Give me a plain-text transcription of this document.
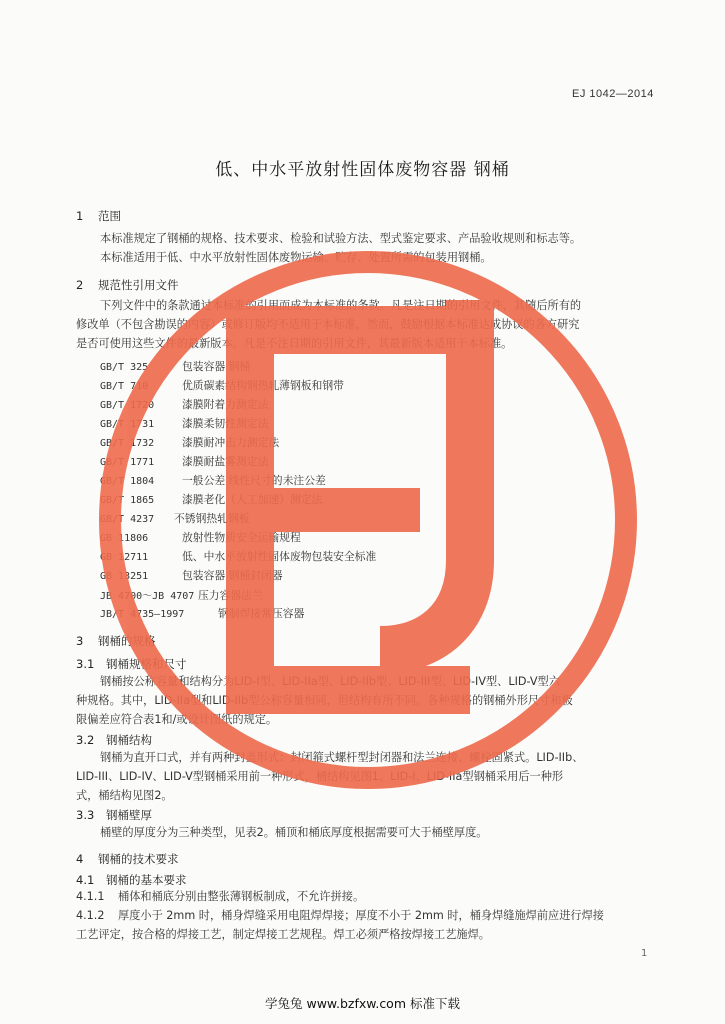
EJ 1042—2014
低、中水平放射性固体废物容器 钢桶
1 范围
本标准规定了钢桶的规格、技术要求、检验和试验方法、型式鉴定要求、产品验收规则和标志等。
本标准适用于低、中水平放射性固体废物运输、贮存、处置所需的包装用钢桶。
2 规范性引用文件
下列文件中的条款通过本标准的引用而成为本标准的条款。凡是注日期的引用文件，其随后所有的
修改单（不包含勘误的内容）或修订版均不适用于本标准，然而，鼓励根据本标准达成协议的各方研究
是否可使用这些文件的最新版本。凡是不注日期的引用文件，其最新版本适用于本标准。
GB/T 325	包装容器 钢桶
GB/T 710	优质碳素结构钢热轧薄钢板和钢带
GB/T 1720	漆膜附着力测定法
GB/T 1731	漆膜柔韧性测定法
GB/T 1732	漆膜耐冲击力测定法
GB/T 1771	漆膜耐盐雾测定法
GB/T 1804	一般公差 线性尺寸的未注公差
GB/T 1865	漆膜老化（人工加速）测定法
GB/T 4237 不锈钢热轧钢板
GB 11806	放射性物质安全运输规程
GB 12711	低、中水平放射性固体废物包装安全标准
GB 13251	包装容器 钢桶封闭器
JB 4700～JB 4707 压力容器法兰
JB/T 4735—1997	钢制焊接常压容器
3 钢桶的规格
3.1 钢桶规格和尺寸
钢桶按公称容量和结构分为LID-I型、LID-IIa型、LID-IIb型、LID-III型、LID-IV型、LID-V型六
种规格。其中，LID-IIa型和LID-IIb型公称容量相同，但结构有所不同。各种规格的钢桶外形尺寸和极
限偏差应符合表1和/或设计图纸的规定。
3.2 钢桶结构
钢桶为直开口式，并有两种封盖形式：封闭箍式螺杆型封闭器和法兰连接、螺栓固紧式。LID-IIb、
LID-III、LID-IV、LID-V型钢桶采用前一种形式，桶结构见图1。LID-I、LID-IIa型钢桶采用后一种形
式，桶结构见图2。
3.3 钢桶壁厚
桶壁的厚度分为三种类型，见表2。桶顶和桶底厚度根据需要可大于桶壁厚度。
4 钢桶的技术要求
4.1 钢桶的基本要求
4.1.1 桶体和桶底分别由整张薄钢板制成，不允许拼接。
4.1.2 厚度小于 2mm 时，桶身焊缝采用电阻焊焊接；厚度不小于 2mm 时，桶身焊缝施焊前应进行焊接
工艺评定，按合格的焊接工艺，制定焊接工艺规程。焊工必须严格按焊接工艺施焊。
1
学兔兔 www.bzfxw.com 标准下载
